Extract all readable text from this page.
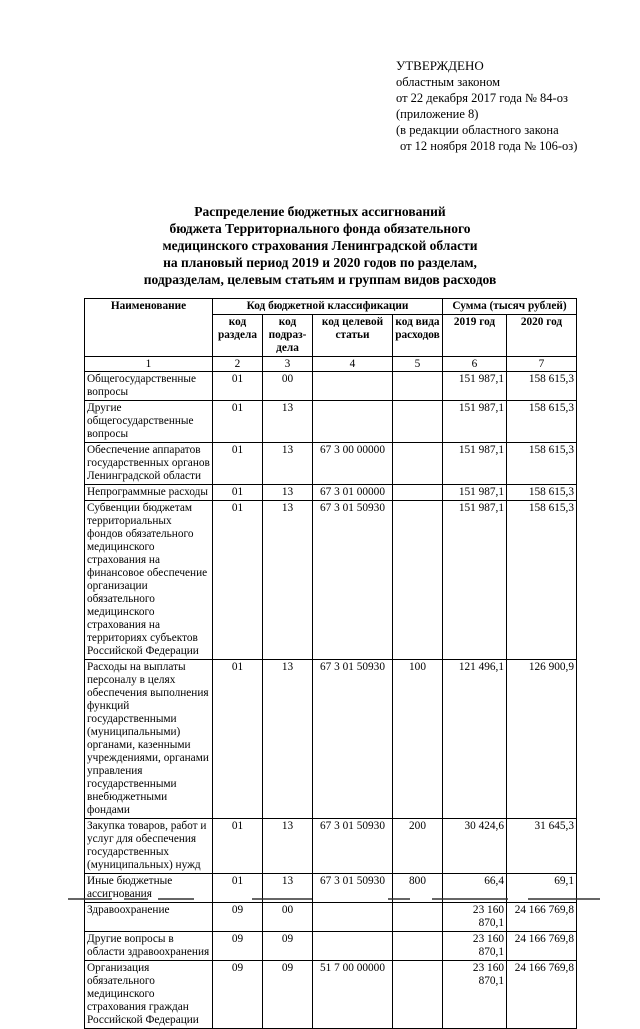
УТВЕРЖДЕНО
областным законом
от 22 декабря 2017 года № 84-оз
(приложение 8)
(в редакции областного закона
от 12 ноября 2018 года № 106-оз)
Распределение бюджетных ассигнований
бюджета Территориального фонда обязательного
медицинского страхования Ленинградской области
на плановый период 2019 и 2020 годов по разделам,
подразделам, целевым статьям и группам видов расходов
Наименование	Код бюджетной классификации				Сумма (тысяч рублей)	
	код раздела	код подраз-дела	код целевой статьи	код вида расходов	2019 год	2020 год
1	2	3	4	5	6	7
Общегосударственные вопросы	01	00			151 987,1	158 615,3
Другие общегосударственные вопросы	01	13			151 987,1	158 615,3
Обеспечение аппаратов государственных органов Ленинградской области	01	13	67 3 00 00000		151 987,1	158 615,3
Непрограммные расходы	01	13	67 3 01 00000		151 987,1	158 615,3
Субвенции бюджетам территориальных фондов обязательного медицинского страхования на финансовое обеспечение организации обязательного медицинского страхования на территориях субъектов Российской Федерации	01	13	67 3 01 50930		151 987,1	158 615,3
Расходы на выплаты персоналу в целях обеспечения выполнения функций государственными (муниципальными) органами, казенными учреждениями, органами управления государственными внебюджетными фондами	01	13	67 3 01 50930	100	121 496,1	126 900,9
Закупка товаров, работ и услуг для обеспечения государственных (муниципальных) нужд	01	13	67 3 01 50930	200	30 424,6	31 645,3
Иные бюджетные ассигнования	01	13	67 3 01 50930	800	66,4	69,1
Здравоохранение	09	00			23 160 870,1	24 166 769,8
Другие вопросы в области здравоохранения	09	09			23 160 870,1	24 166 769,8
Организация обязательного медицинского страхования граждан Российской Федерации	09	09	51 7 00 00000		23 160 870,1	24 166 769,8
